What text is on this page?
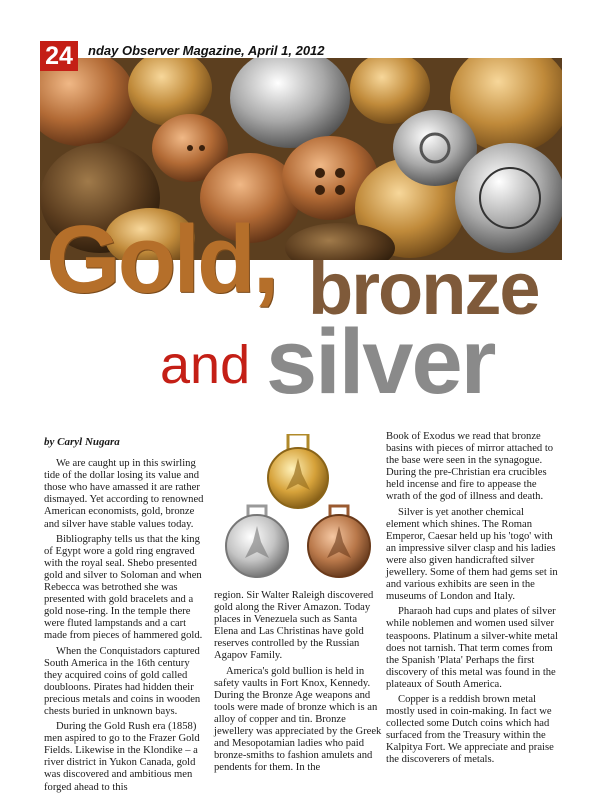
24	nday Observer Magazine, April 1, 2012
Gold, bronze
and silver

by Caryl Nugara

We are caught up in this swirling tide of the dollar losing its value and those who have amassed it are rather dismayed. Yet according to renowned American economists, gold, bronze and silver have stable values today.

Bibliography tells us that the king of Egypt wore a gold ring engraved with the royal seal. Shebo presented gold and silver to Soloman and when Rebecca was betrothed she was presented with gold bracelets and a gold nose-ring. In the temple there were fluted lampstands and a cart made from pieces of hammered gold.

When the Conquistadors captured South America in the 16th century they acquired coins of gold called doubloons. Pirates had hidden their precious metals and coins in wooden chests buried in unknown bays.

During the Gold Rush era (1858) men aspired to go to the Frazer Gold Fields. Likewise in the Klondike – a river district in Yukon Canada, gold was discovered and ambitious men forged ahead to this

region. Sir Walter Raleigh discovered gold along the River Amazon. Today places in Venezuela such as Santa Elena and Las Christinas have gold reserves controlled by the Russian Agapov Family.

America's gold bullion is held in safety vaults in Fort Knox, Kennedy. During the Bronze Age weapons and tools were made of bronze which is an alloy of copper and tin. Bronze jewellery was appreciated by the Greek and Mesopotamian ladies who paid bronze-smiths to fashion amulets and pendents for them. In the

Book of Exodus we read that bronze basins with pieces of mirror attached to the base were seen in the synagogue. During the pre-Christian era crucibles held incense and fire to appease the wrath of the god of illness and death.

Silver is yet another chemical element which shines. The Roman Emperor, Caesar held up his 'togo' with an impressive silver clasp and his ladies were also given handicrafted silver jewellery. Some of them had gems set in and various exhibits are seen in the museums of London and Italy.

Pharaoh had cups and plates of silver while noblemen and women used silver teaspoons. Platinum a silver-white metal does not tarnish. That term comes from the Spanish 'Plata' Perhaps the first discovery of this metal was found in the plateaux of South America.

Copper is a reddish brown metal mostly used in coin-making. In fact we collected some Dutch coins which had surfaced from the Treasury within the Kalpitya Fort. We appreciate and praise the discoverers of metals.
